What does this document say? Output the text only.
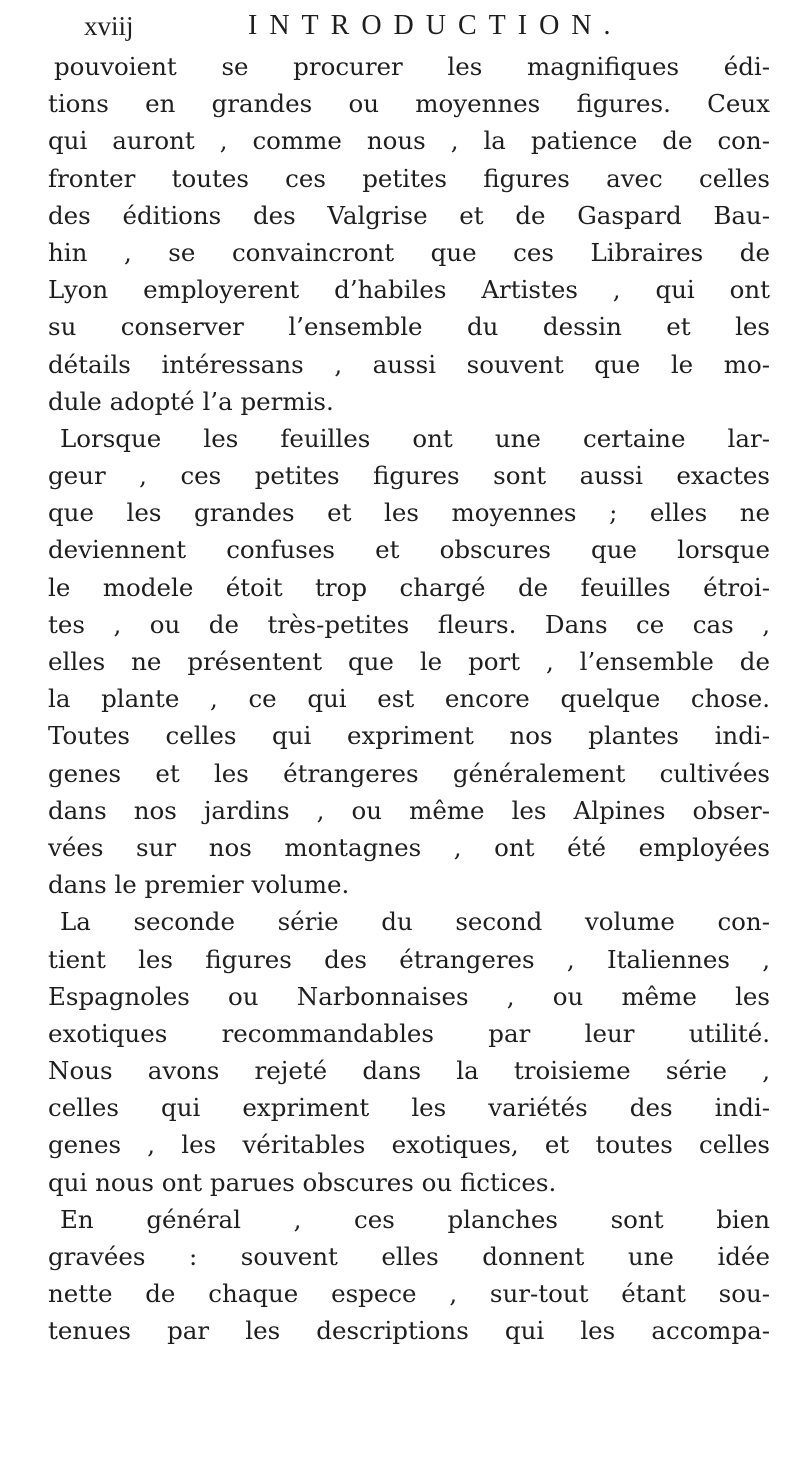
xviij	INTRODUCTION.
pouvoient se procurer les magnifiques édi-
tions en grandes ou moyennes figures. Ceux
qui auront , comme nous , la patience de con-
fronter toutes ces petites figures avec celles
des éditions des Valgrise et de Gaspard Bau-
hin , se convaincront que ces Libraires de
Lyon employerent d’habiles Artistes , qui ont
su conserver l’ensemble du dessin et les
détails intéressans , aussi souvent que le mo-
dule adopté l’a permis.
Lorsque les feuilles ont une certaine lar-
geur , ces petites figures sont aussi exactes
que les grandes et les moyennes ; elles ne
deviennent confuses et obscures que lorsque
le modele étoit trop chargé de feuilles étroi-
tes , ou de très-petites fleurs. Dans ce cas ,
elles ne présentent que le port , l’ensemble de
la plante , ce qui est encore quelque chose.
Toutes celles qui expriment nos plantes indi-
genes et les étrangeres généralement cultivées
dans nos jardins , ou même les Alpines obser-
vées sur nos montagnes , ont été employées
dans le premier volume.
La seconde série du second volume con-
tient les figures des étrangeres , Italiennes ,
Espagnoles ou Narbonnaises , ou même les
exotiques recommandables par leur utilité.
Nous avons rejeté dans la troisieme série ,
celles qui expriment les variétés des indi-
genes , les véritables exotiques, et toutes celles
qui nous ont parues obscures ou fictices.
En général , ces planches sont bien
gravées : souvent elles donnent une idée
nette de chaque espece , sur-tout étant sou-
tenues par les descriptions qui les accompa-
